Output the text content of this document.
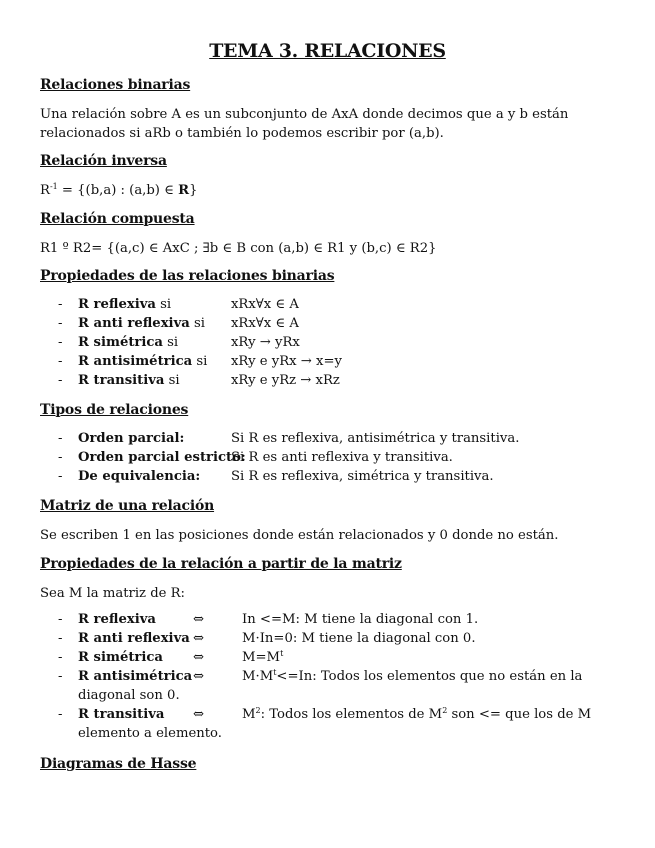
TEMA 3. RELACIONES
Relaciones binarias
Una relación sobre A es un subconjunto de AxA donde decimos que a y b están
relacionados si aRb o también lo podemos escribir por (a,b).
Relación inversa
$R^{-1} = \{(b,a)$ : (a,b) ∈ R}
Relación compuesta
R1 º R2= {(a,c) ∈ AxC ; ∃b ∈ B con (a,b) ∈ R1 y (b,c) ∈ R2}
Propiedades de las relaciones binarias
- R reflexiva si	xRx∀x ∈ A
- R anti reflexiva si xRx∀x ∈ A
- R simétrica si	xRy → yRx
- R antisimétrica si xRy e yRx → x=y
- R transitiva si	xRy e yRz → xRz
Tipos de relaciones
- Orden parcial:	Si R es reflexiva, antisimétrica y transitiva.
- Orden parcial estricto:
Si R es anti reflexiva y transitiva.
- De equivalencia: Si R es reflexiva, simétrica y transitiva.
Matriz de una relación
Se escriben 1 en las posiciones donde están relacionados y 0 donde no están.
Propiedades de la relación a partir de la matriz
Sea M la matriz de R:
- R reflexiva	⇔	In <=M: M tiene la diagonal con 1.
- R anti reflexiva ⇔	M·In=0: M tiene la diagonal con 0.
- R simétrica ⇔	$M=M^t$
- R antisimétrica ⇔	$M\cdot M^t<=In$: Todos los elementos que no están en la
diagonal son 0.
- R transitiva ⇔	$M^2$: Todos los elementos de $M^2$ son <= que los de M
elemento a elemento.
Diagramas de Hasse
